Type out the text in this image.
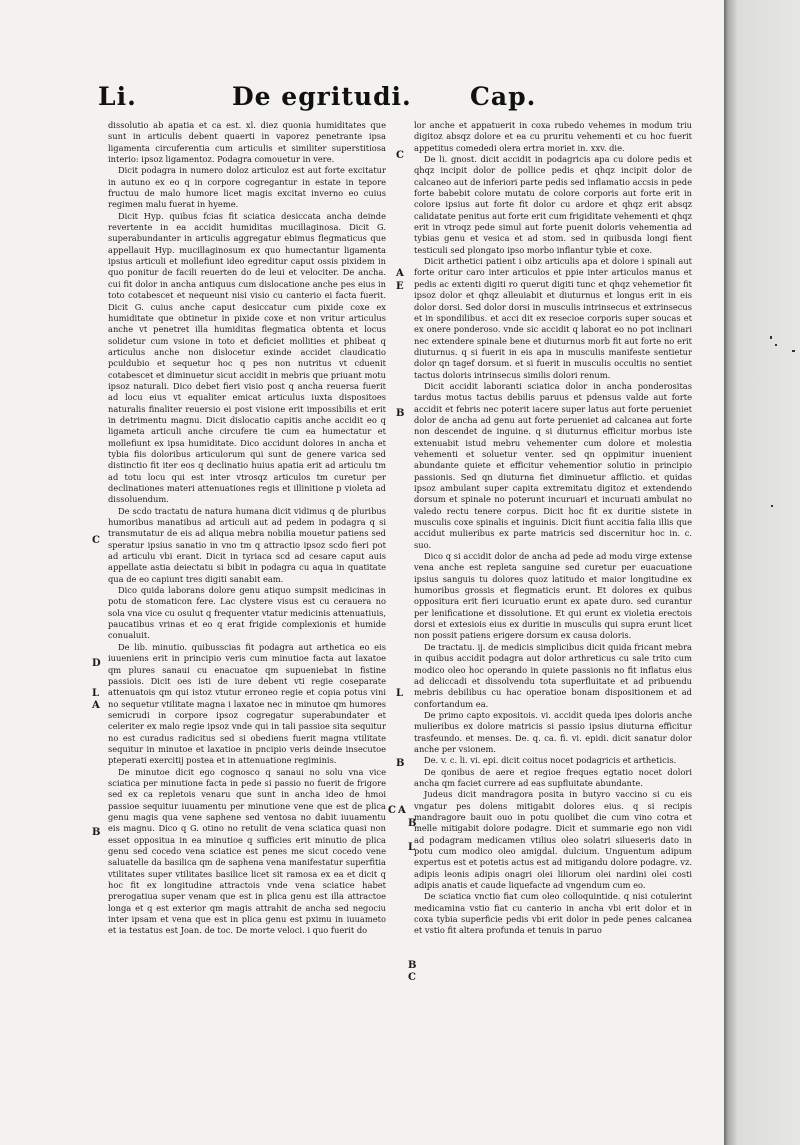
Li.	De egritudi. Cap.
C
D
L
A
B
C
A
E
B
L
B
C A
B
L
B
C

dissolutio ab apatia et ca est. xl. diez quonia humiditates que sunt in articulis debent quaerti in vaporez penetrante ipsa ligamenta circuferentia cum articulis et similiter superstitiosa interio: ipsoz ligamentoz. Podagra comouetur in vere.

Dicit podagra in numero doloz articuloz est aut forte excitatur in autuno ex eo q in corpore cogregantur in estate in tepore fructuu de malo humore licet magis excitat inverno eo cuius regimen malu fuerat in hyeme.

Dicit Hyp. quibus fcias fit sciatica desiccata ancha deinde revertente in ea accidit humiditas mucillaginosa. Dicit G. superabundanter in articulis aggregatur ebimus flegmaticus que appellauit Hyp. mucillaginosum ex quo humectantur ligamenta ipsius articuli et mollefiunt ideo egreditur caput ossis pixidem in quo ponitur de facili reuerten do de leui et velociter. De ancha. cui fit dolor in ancha antiquus cum dislocatione anche pes eius in toto cotabescet et nequeunt nisi visio cu canterio ei facta fuerit. Dicit G. cuius anche caput desiccatur cum pixide coxe ex humiditate que obtinetur in pixide coxe et non vritur articulus anche vt penetret illa humiditas flegmatica obtenta et locus solidetur cum vsione in toto et deficiet mollities et phibeat q articulus anche non dislocetur exinde accidet claudicatio pculdubio et sequetur hoc q pes non nutritus vt cduenit cotabescet et diminuetur sicut accidit in mebris que priuant motu ipsoz naturali. Dico debet fieri visio post q ancha reuersa fuerit ad locu eius vt equaliter emicat articulus iuxta dispositoes naturalis finaliter reuersio ei post visione erit impossibilis et erit in detrimentu magnu. Dicit dislocatio capitis anche accidit eo q ligameta articuli anche circufere tie cum ea humectatur et mollefiunt ex ipsa humiditate. Dico accidunt dolores in ancha et tybia fiis doloribus articulorum qui sunt de genere varica sed distinctio fit iter eos q declinatio huius apatia erit ad articulu tm ad totu locu qui est inter vtrosqz articulos tm curetur per declinationes materi attenuationes regis et illinitione p violeta ad dissoluendum.

De scdo tractatu de natura humana dicit vidimus q de pluribus humoribus manatibus ad articuli aut ad pedem in podagra q si transmutatur de eis ad aliqua mebra nobilia mouetur patiens sed speratur ipsius sanatio in vno tm q attractio ipsoz scdo fieri pot ad articulu vbi erant. Dicit in tyriaca scd ad cesare caput auis appellate astia deiectatu si bibit in podagra cu aqua in quatitate qua de eo capiunt tres digiti sanabit eam.

Dico quida laborans dolore genu atiquo sumpsit medicinas in potu de stomaticon fere. Lac clystere visus est cu cerauera no sola vna vice cu osulut q frequenter vtatur medicinis attenuatiuis, paucatibus vrinas et eo q erat frigide complexionis et humide conualuit.

De lib. minutio. quibusscias fit podagra aut arthetica eo eis iuueniens erit in principio veris cum minutioe facta aut laxatoe qm plures sanaui cu enacuatoe qm supueniebat in fistine passiois. Dicit oes isti de iure debent vti regie coseparate attenuatois qm qui istoz vtutur erroneo regie et copia potus vini no sequetur vtilitate magna i laxatoe nec in minutoe qm humores semicrudi in corpore ipsoz cogregatur superabundater et celeriter ex malo regie ipsoz vnde qui in tali passioe sita sequitur no est curadus radicitus sed si obediens fuerit magna vtilitate sequitur in minutoe et laxatioe in pncipio veris deinde insecutoe pteperati exercitij postea et in attenuatione regiminis.

De minutoe dicit ego cognosco q sanaui no solu vna vice sciatica per minutione facta in pede si passio no fuerit de frigore sed ex ca repletois venaru que sunt in ancha ideo de hmoi passioe sequitur iuuamentu per minutione vene que est de plica genu magis qua vene saphene sed ventosa no dabit iuuamentu eis magnu. Dico q G. otino no retulit de vena sciatica quasi non esset oppositua in ea minutioe q sufficies erit minutio de plica genu sed cocedo vena sciatice est penes me sicut cocedo vene saluatelle da basilica qm de saphena vena manifestatur superfitia vtilitates super vtilitates basilice licet sit ramosa ex ea et dicit q hoc fit ex longitudine attractois vnde vena sciatice habet prerogatiua super venam que est in plica genu est illa attractoe longa et q est exterior qm magis attrahit de ancha sed negociu inter ipsam et vena que est in plica genu est pximu in iuuameto et ia testatus est Joan. de toc. De morte veloci. i quo fuerit do

lor anche et appatuerit in coxa rubedo vehemes in modum triu digitoz absqz dolore et ea cu pruritu vehementi et cu hoc fuerit appetitus comededi olera ertra moriet in. xxv. die.

De li. gnost. dicit accidit in podagricis apa cu dolore pedis et qhqz incipit dolor de pollice pedis et qhqz incipit dolor de calcaneo aut de inferiori parte pedis sed inflamatio accsis in pede forte babebit colore mutatu de colore corporis aut forte erit in colore ipsius aut forte fit dolor cu ardore et qhqz erit absqz calidatate penitus aut forte erit cum frigiditate vehementi et qhqz erit in vtroqz pede simul aut forte puenit doloris vehementia ad tybias genu et vesica et ad stom. sed in quibusda longi fient testiculi sed plongato ipso morbo inflantur tybie et coxe.

Dicit arthetici patient i oibz articulis apa et dolore i spinali aut forte oritur caro inter articulos et ppie inter articulos manus et pedis ac extenti digiti ro querut digiti tunc et qhqz vehemetior fit ipsoz dolor et qhqz alleuiabit et diuturnus et longus erit in eis dolor dorsi. Sed dolor dorsi in musculis intrinsecus et extrinsecus et in spondilibus. et acci dit ex resecioe corporis super soucas et ex onere ponderoso. vnde sic accidit q laborat eo no pot inclinari nec extendere spinale bene et diuturnus morb fit aut forte no erit diuturnus. q si fuerit in eis apa in musculis manifeste sentietur dolor qn tagef dorsum. et si fuerit in musculis occultis no sentiet tactus doloris intrinsecus similis dolori renum.

Dicit accidit laboranti sciatica dolor in ancha ponderositas tardus motus tactus debilis paruus et pdensus valde aut forte accidit et febris nec poterit iacere super latus aut forte perueniet dolor de ancha ad genu aut forte perueniet ad calcanea aut forte non descendet de inguine. q si diuturnus efficitur morbus iste extenuabit istud mebru vehementer cum dolore et molestia vehementi et soluetur venter. sed qn oppimitur inuenient abundante quiete et efficitur vehementior solutio in principio passionis. Sed qn diuturna fiet diminuetur afflictio. et quidas ipsoz ambulant super capita extremitatu digitoz et extendendo dorsum et spinale no poterunt incuruari et incuruati ambulat no valedo rectu tenere corpus. Dicit hoc fit ex duritie sistete in musculis coxe spinalis et inguinis. Dicit fiunt accitia falia illis que accidut mulieribus ex parte matricis sed discernitur hoc in. c. suo.

Dico q si accidit dolor de ancha ad pede ad modu virge extense vena anche est repleta sanguine sed curetur per euacuatione ipsius sanguis tu dolores quoz latitudo et maior longitudine ex humoribus grossis et flegmaticis erunt. Et dolores ex quibus oppositura erit fieri icuruatio erunt ex apate duro. sed curantur per lenificatione et dissolutione. Et qui erunt ex violetia erectois dorsi et extesiois eius ex duritie in musculis qui supra erunt licet non possit patiens erigere dorsum ex causa doloris.

De tractatu. ij. de medicis simplicibus dicit quida fricant mebra in quibus accidit podagra aut dolor arthreticus cu sale trito cum modico oleo hoc operando in quiete passionis no fit inflatus eius ad deliccadi et dissolvendu tota superfluitate et ad pribuendu mebris debilibus cu hac operatioe bonam dispositionem et ad confortandum ea.

De primo capto expositois. vi. accidit queda ipes doloris anche mulieribus ex dolore matricis si passio ipsius diuturna efficitur trasfeundo. et menses. De. q. ca. fi. vi. epidi. dicit sanatur dolor anche per vsionem.

De. v. c. li. vi. epi. dicit coitus nocet podagricis et artheticis.

De qonibus de aere et regioe freques egtatio nocet dolori ancha qm faciet currere ad eas supfluitate abundante.

Judeus dicit mandragora posita in butyro vaccino si cu eis vngatur pes dolens mitigabit dolores eius. q si recipis mandragore bauit ouo in potu quolibet die cum vino cotra et melle mitigabit dolore podagre. Dicit et summarie ego non vidi ad podagram medicamen vtilius oleo solatri silueseris dato in potu cum modico oleo amigdal. dulcium. Unguentum adipum expertus est et potetis actus est ad mitigandu dolore podagre. vz. adipis leonis adipis onagri olei liliorum olei nardini olei costi adipis anatis et caude liquefacte ad vngendum cum eo.

De sciatica vnctio fiat cum oleo colloquintide. q nisi cotulerint medicamina vstio fiat cu canterio in ancha vbi erit dolor et in coxa tybia superficie pedis vbi erit dolor in pede penes calcanea et vstio fit altera profunda et tenuis in paruo
